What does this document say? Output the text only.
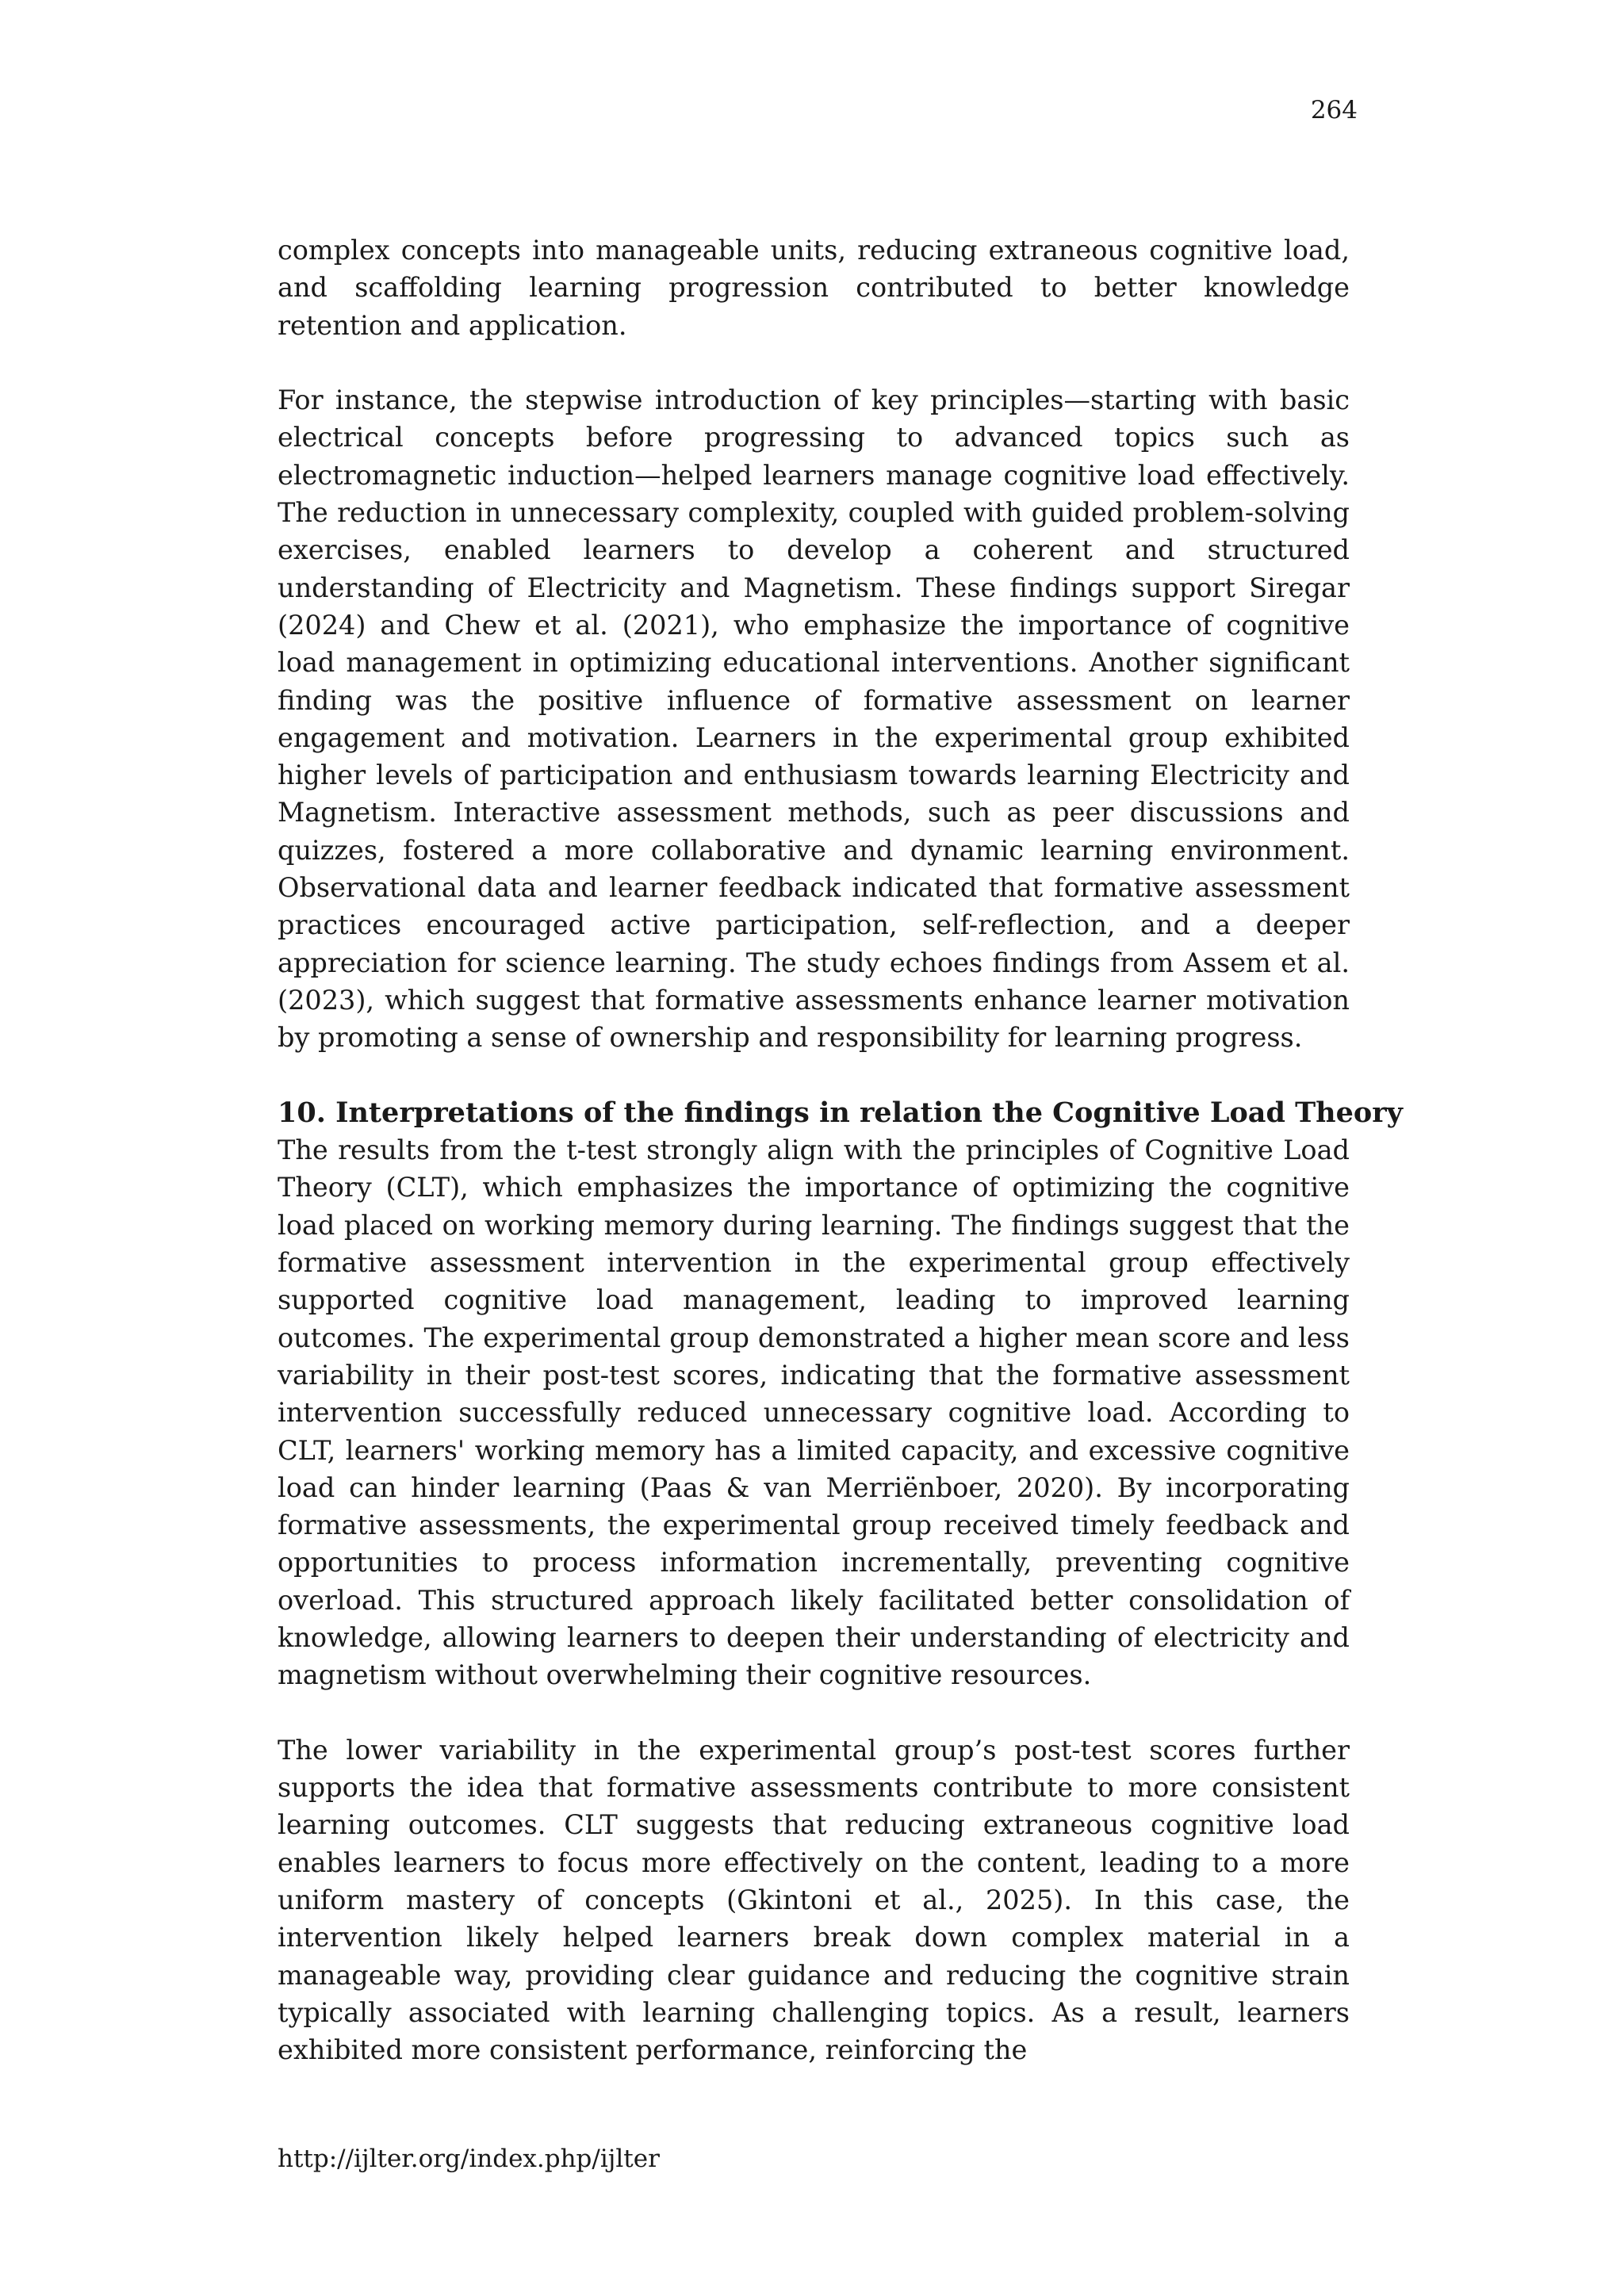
264

complex concepts into manageable units, reducing extraneous cognitive load, and scaffolding learning progression contributed to better knowledge retention and application.

For instance, the stepwise introduction of key principles—starting with basic electrical concepts before progressing to advanced topics such as electromagnetic induction—helped learners manage cognitive load effectively. The reduction in unnecessary complexity, coupled with guided problem-solving exercises, enabled learners to develop a coherent and structured understanding of Electricity and Magnetism. These findings support Siregar (2024) and Chew et al. (2021), who emphasize the importance of cognitive load management in optimizing educational interventions. Another significant finding was the positive influence of formative assessment on learner engagement and motivation. Learners in the experimental group exhibited higher levels of participation and enthusiasm towards learning Electricity and Magnetism. Interactive assessment methods, such as peer discussions and quizzes, fostered a more collaborative and dynamic learning environment. Observational data and learner feedback indicated that formative assessment practices encouraged active participation, self-reflection, and a deeper appreciation for science learning. The study echoes findings from Assem et al. (2023), which suggest that formative assessments enhance learner motivation by promoting a sense of ownership and responsibility for learning progress.

10. Interpretations of the findings in relation the Cognitive Load Theory

The results from the t-test strongly align with the principles of Cognitive Load Theory (CLT), which emphasizes the importance of optimizing the cognitive load placed on working memory during learning. The findings suggest that the formative assessment intervention in the experimental group effectively supported cognitive load management, leading to improved learning outcomes. The experimental group demonstrated a higher mean score and less variability in their post-test scores, indicating that the formative assessment intervention successfully reduced unnecessary cognitive load. According to CLT, learners' working memory has a limited capacity, and excessive cognitive load can hinder learning (Paas & van Merriënboer, 2020). By incorporating formative assessments, the experimental group received timely feedback and opportunities to process information incrementally, preventing cognitive overload. This structured approach likely facilitated better consolidation of knowledge, allowing learners to deepen their understanding of electricity and magnetism without overwhelming their cognitive resources.

The lower variability in the experimental group’s post-test scores further supports the idea that formative assessments contribute to more consistent learning outcomes. CLT suggests that reducing extraneous cognitive load enables learners to focus more effectively on the content, leading to a more uniform mastery of concepts (Gkintoni et al., 2025). In this case, the intervention likely helped learners break down complex material in a manageable way, providing clear guidance and reducing the cognitive strain typically associated with learning challenging topics. As a result, learners exhibited more consistent performance, reinforcing the

http://ijlter.org/index.php/ijlter
